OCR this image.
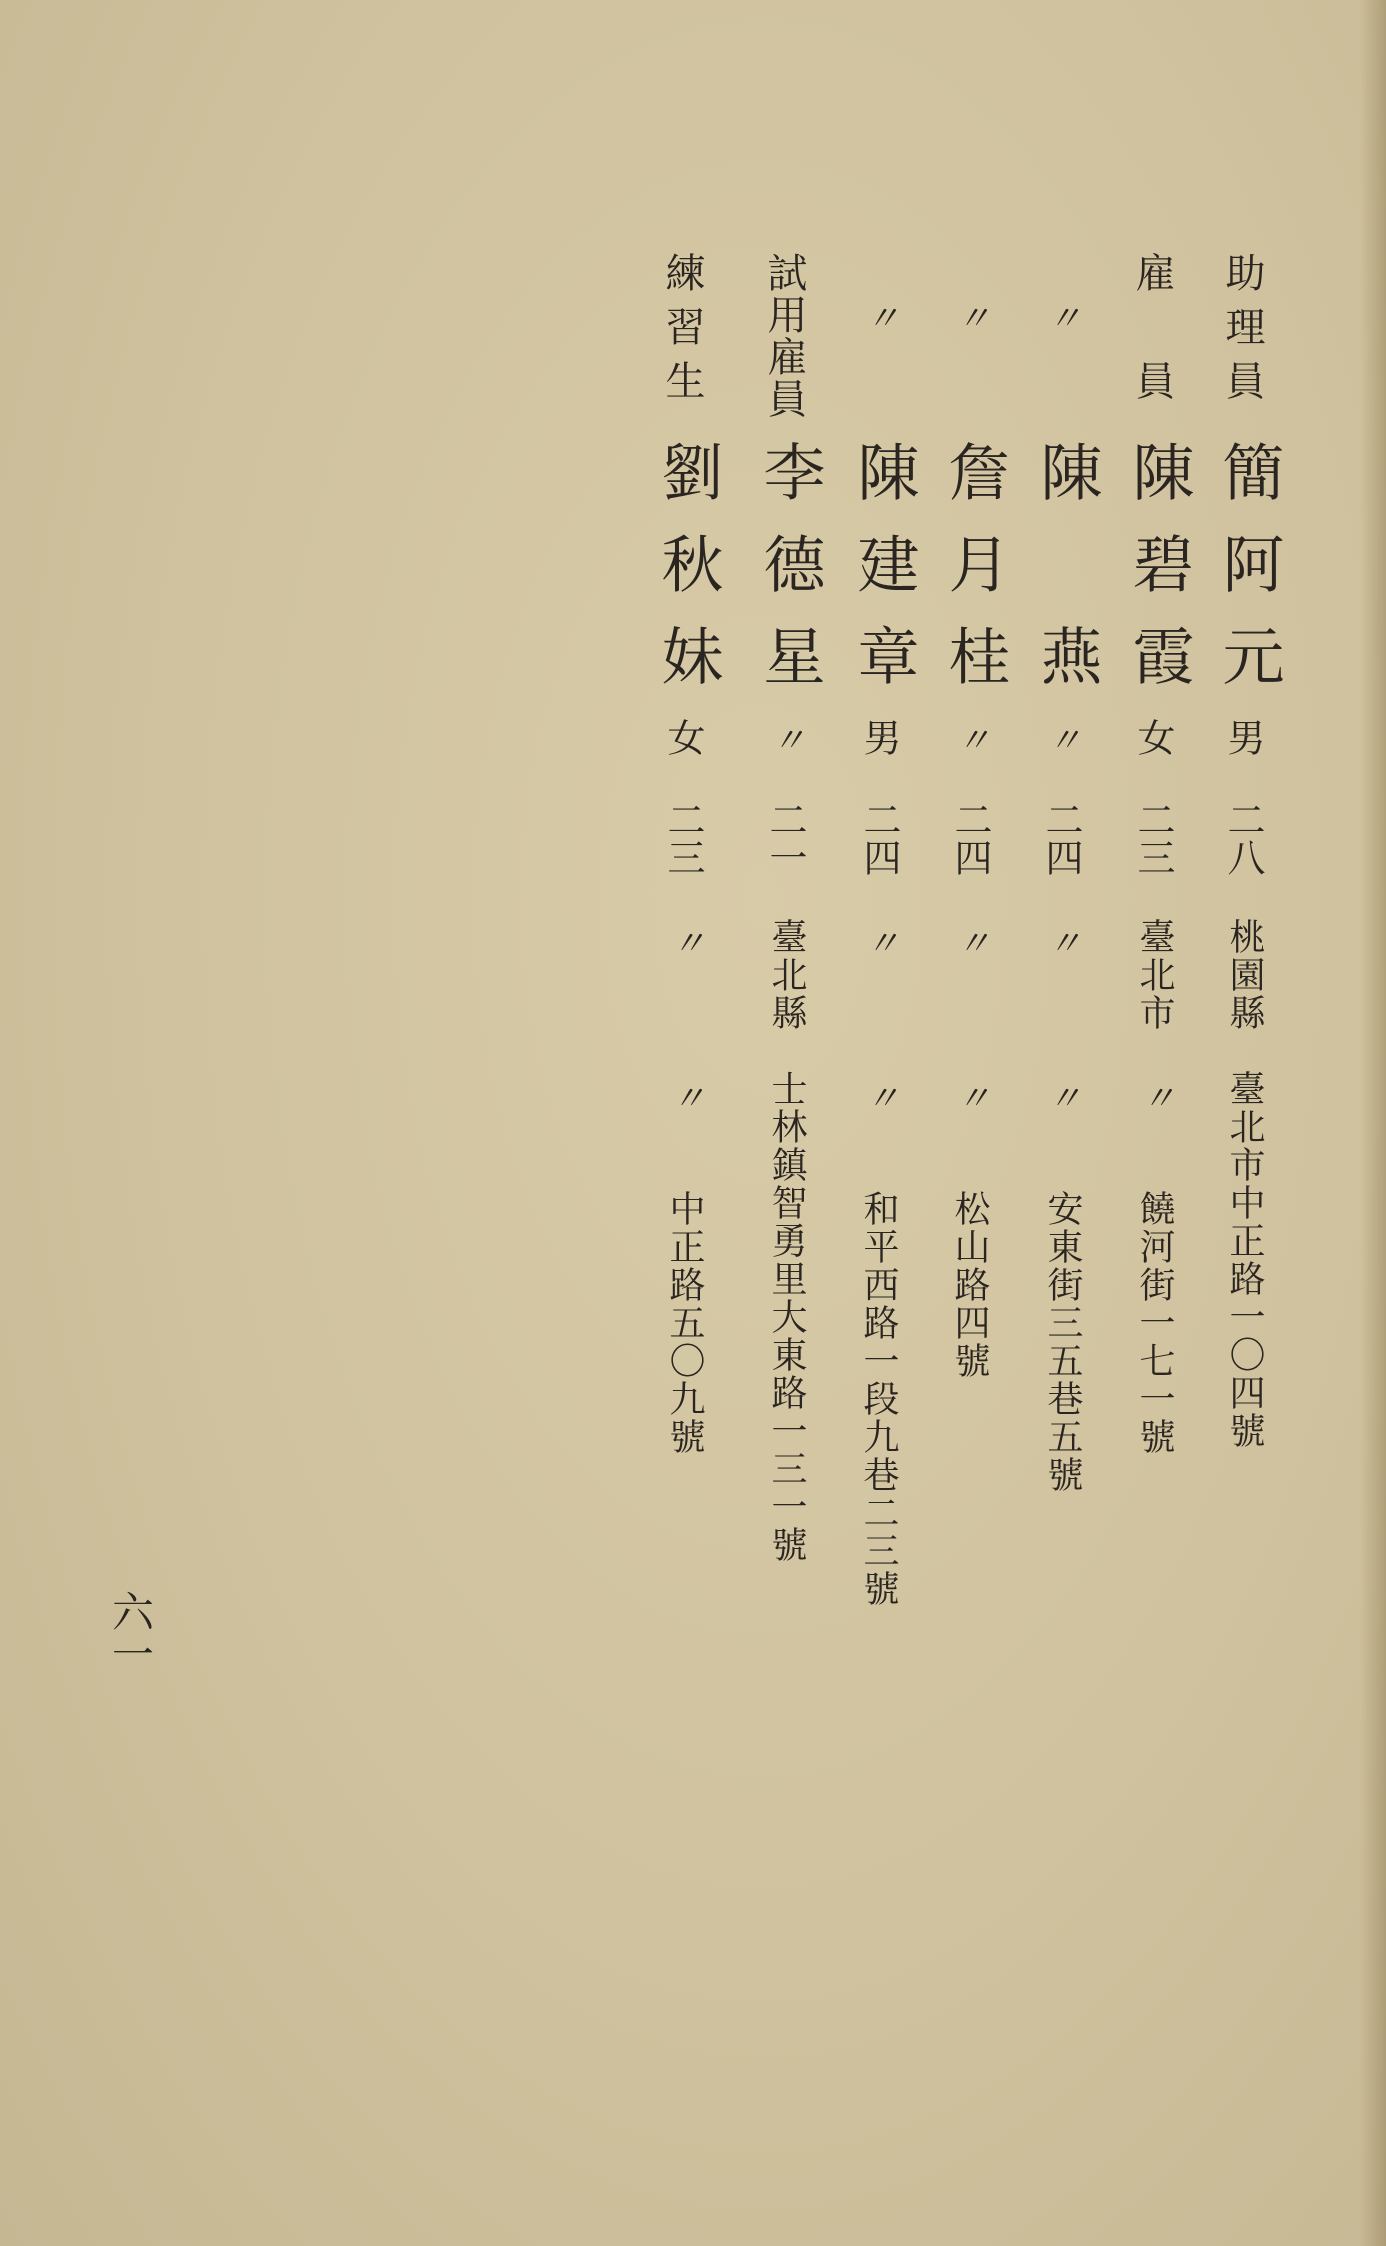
助理員
簡阿元
男
二八
桃園縣
臺北市中正路一〇四號
雇　員
陳碧霞
女
二三
臺北市
〃
饒河街一七一號
〃
陳　燕
〃
二四
〃
〃
安東街三五巷五號
〃
詹月桂
〃
二四
〃
〃
松山路四號
〃
陳建章
男
二四
〃
〃
和平西路一段九巷二三號
試用雇員
李德星
〃
二一
臺北縣
士林鎮智勇里大東路一三一號
練習生
劉秋妹
女
二三
〃
〃
中正路五〇九號
六一
